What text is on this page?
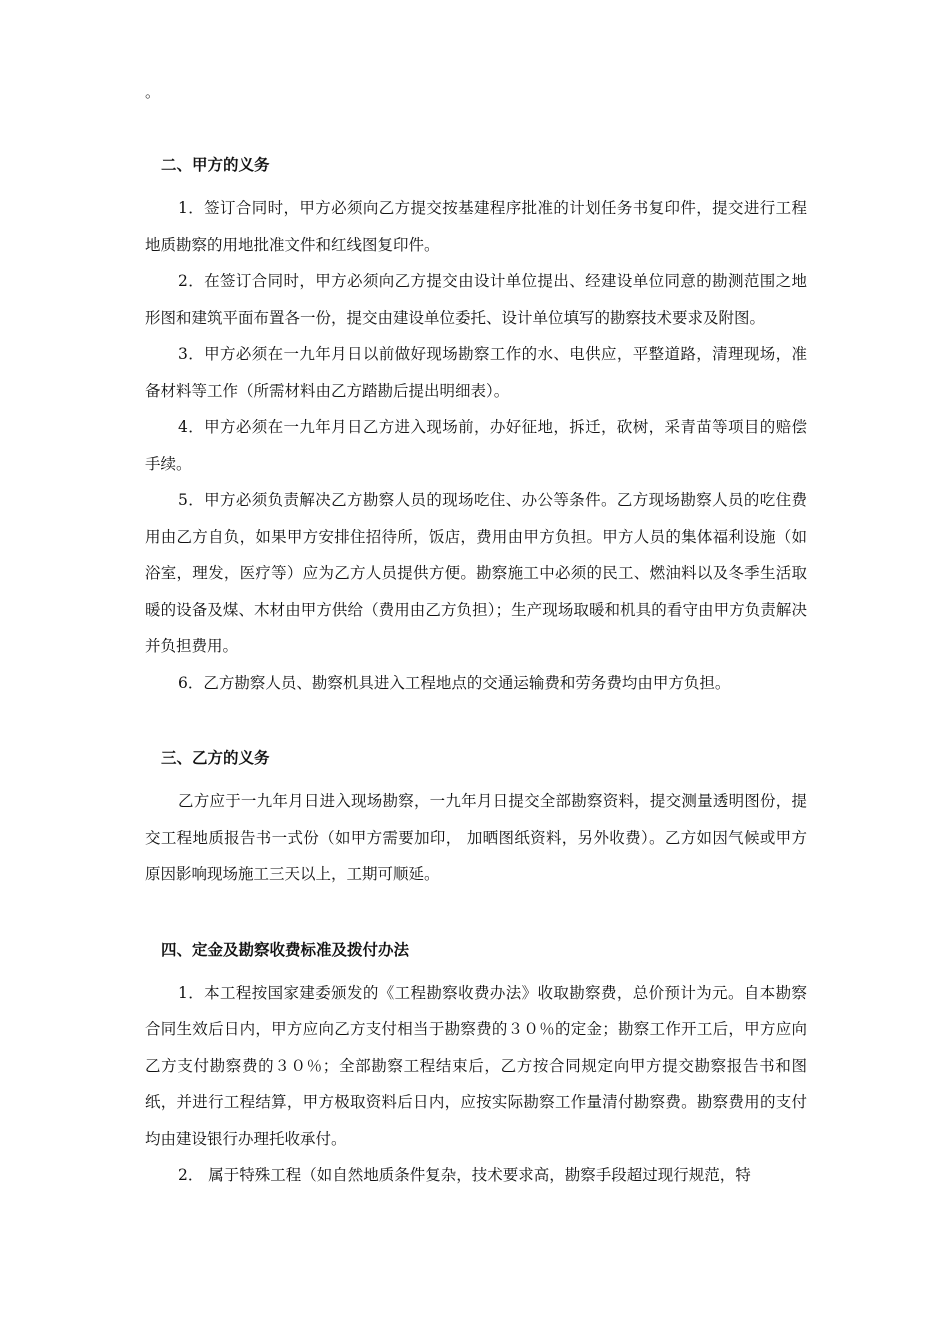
。

二、甲方的义务

1．签订合同时，甲方必须向乙方提交按基建程序批准的计划任务书复印件，提交进行工程地质勘察的用地批准文件和红线图复印件。

2．在签订合同时，甲方必须向乙方提交由设计单位提出、经建设单位同意的勘测范围之地形图和建筑平面布置各一份，提交由建设单位委托、设计单位填写的勘察技术要求及附图。

3．甲方必须在一九年月日以前做好现场勘察工作的水、电供应，平整道路，清理现场，准备材料等工作（所需材料由乙方踏勘后提出明细表）。

4．甲方必须在一九年月日乙方进入现场前，办好征地，拆迁，砍树，采青苗等项目的赔偿手续。

5．甲方必须负责解决乙方勘察人员的现场吃住、办公等条件。乙方现场勘察人员的吃住费用由乙方自负，如果甲方安排住招待所，饭店，费用由甲方负担。甲方人员的集体福利设施（如浴室，理发，医疗等）应为乙方人员提供方便。勘察施工中必须的民工、燃油料以及冬季生活取暖的设备及煤、木材由甲方供给（费用由乙方负担）；生产现场取暖和机具的看守由甲方负责解决并负担费用。

6．乙方勘察人员、勘察机具进入工程地点的交通运输费和劳务费均由甲方负担。

三、乙方的义务

乙方应于一九年月日进入现场勘察，一九年月日提交全部勘察资料，提交测量透明图份，提交工程地质报告书一式份（如甲方需要加印， 加晒图纸资料，另外收费）。乙方如因气候或甲方原因影响现场施工三天以上，工期可顺延。

四、定金及勘察收费标准及拨付办法

1．本工程按国家建委颁发的《工程勘察收费办法》收取勘察费，总价预计为元。自本勘察合同生效后日内，甲方应向乙方支付相当于勘察费的３０％的定金；勘察工作开工后，甲方应向乙方支付勘察费的３０％；全部勘察工程结束后，乙方按合同规定向甲方提交勘察报告书和图纸，并进行工程结算，甲方极取资料后日内，应按实际勘察工作量清付勘察费。勘察费用的支付均由建设银行办理托收承付。

2． 属于特殊工程（如自然地质条件复杂，技术要求高，勘察手段超过现行规范，特
